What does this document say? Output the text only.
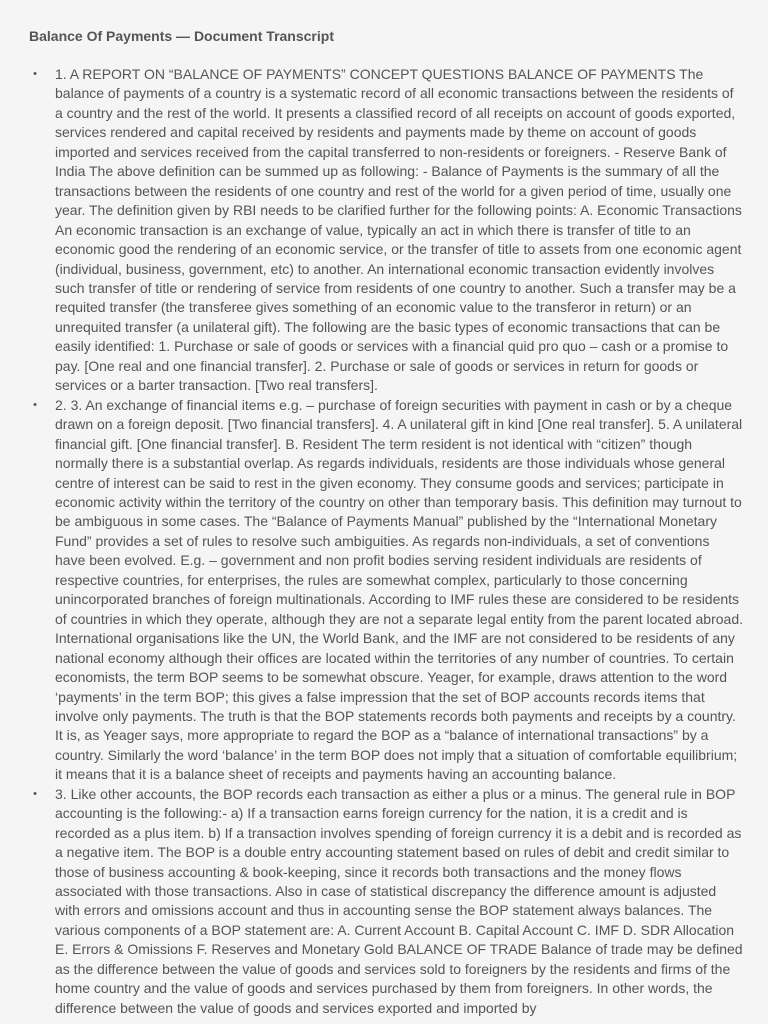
Balance Of Payments — Document Transcript
• 1. A REPORT ON “BALANCE OF PAYMENTS” CONCEPT QUESTIONS BALANCE OF PAYMENTS The balance of payments of a country is a systematic record of all economic transactions between the residents of a country and the rest of the world. It presents a classified record of all receipts on account of goods exported, services rendered and capital received by residents and payments made by theme on account of goods imported and services received from the capital transferred to non-residents or foreigners. - Reserve Bank of India The above definition can be summed up as following: - Balance of Payments is the summary of all the transactions between the residents of one country and rest of the world for a given period of time, usually one year. The definition given by RBI needs to be clarified further for the following points: A. Economic Transactions An economic transaction is an exchange of value, typically an act in which there is transfer of title to an economic good the rendering of an economic service, or the transfer of title to assets from one economic agent (individual, business, government, etc) to another. An international economic transaction evidently involves such transfer of title or rendering of service from residents of one country to another. Such a transfer may be a requited transfer (the transferee gives something of an economic value to the transferor in return) or an unrequited transfer (a unilateral gift). The following are the basic types of economic transactions that can be easily identified: 1. Purchase or sale of goods or services with a financial quid pro quo – cash or a promise to pay. [One real and one financial transfer]. 2. Purchase or sale of goods or services in return for goods or services or a barter transaction. [Two real transfers].
• 2. 3. An exchange of financial items e.g. – purchase of foreign securities with payment in cash or by a cheque drawn on a foreign deposit. [Two financial transfers]. 4. A unilateral gift in kind [One real transfer]. 5. A unilateral financial gift. [One financial transfer]. B. Resident The term resident is not identical with “citizen” though normally there is a substantial overlap. As regards individuals, residents are those individuals whose general centre of interest can be said to rest in the given economy. They consume goods and services; participate in economic activity within the territory of the country on other than temporary basis. This definition may turnout to be ambiguous in some cases. The “Balance of Payments Manual” published by the “International Monetary Fund” provides a set of rules to resolve such ambiguities. As regards non-individuals, a set of conventions have been evolved. E.g. – government and non profit bodies serving resident individuals are residents of respective countries, for enterprises, the rules are somewhat complex, particularly to those concerning unincorporated branches of foreign multinationals. According to IMF rules these are considered to be residents of countries in which they operate, although they are not a separate legal entity from the parent located abroad. International organisations like the UN, the World Bank, and the IMF are not considered to be residents of any national economy although their offices are located within the territories of any number of countries. To certain economists, the term BOP seems to be somewhat obscure. Yeager, for example, draws attention to the word ‘payments’ in the term BOP; this gives a false impression that the set of BOP accounts records items that involve only payments. The truth is that the BOP statements records both payments and receipts by a country. It is, as Yeager says, more appropriate to regard the BOP as a “balance of international transactions” by a country. Similarly the word ‘balance’ in the term BOP does not imply that a situation of comfortable equilibrium; it means that it is a balance sheet of receipts and payments having an accounting balance.
• 3. Like other accounts, the BOP records each transaction as either a plus or a minus. The general rule in BOP accounting is the following:- a) If a transaction earns foreign currency for the nation, it is a credit and is recorded as a plus item. b) If a transaction involves spending of foreign currency it is a debit and is recorded as a negative item. The BOP is a double entry accounting statement based on rules of debit and credit similar to those of business accounting & book-keeping, since it records both transactions and the money flows associated with those transactions. Also in case of statistical discrepancy the difference amount is adjusted with errors and omissions account and thus in accounting sense the BOP statement always balances. The various components of a BOP statement are: A. Current Account B. Capital Account C. IMF D. SDR Allocation E. Errors & Omissions F. Reserves and Monetary Gold BALANCE OF TRADE Balance of trade may be defined as the difference between the value of goods and services sold to foreigners by the residents and firms of the home country and the value of goods and services purchased by them from foreigners. In other words, the difference between the value of goods and services exported and imported by
